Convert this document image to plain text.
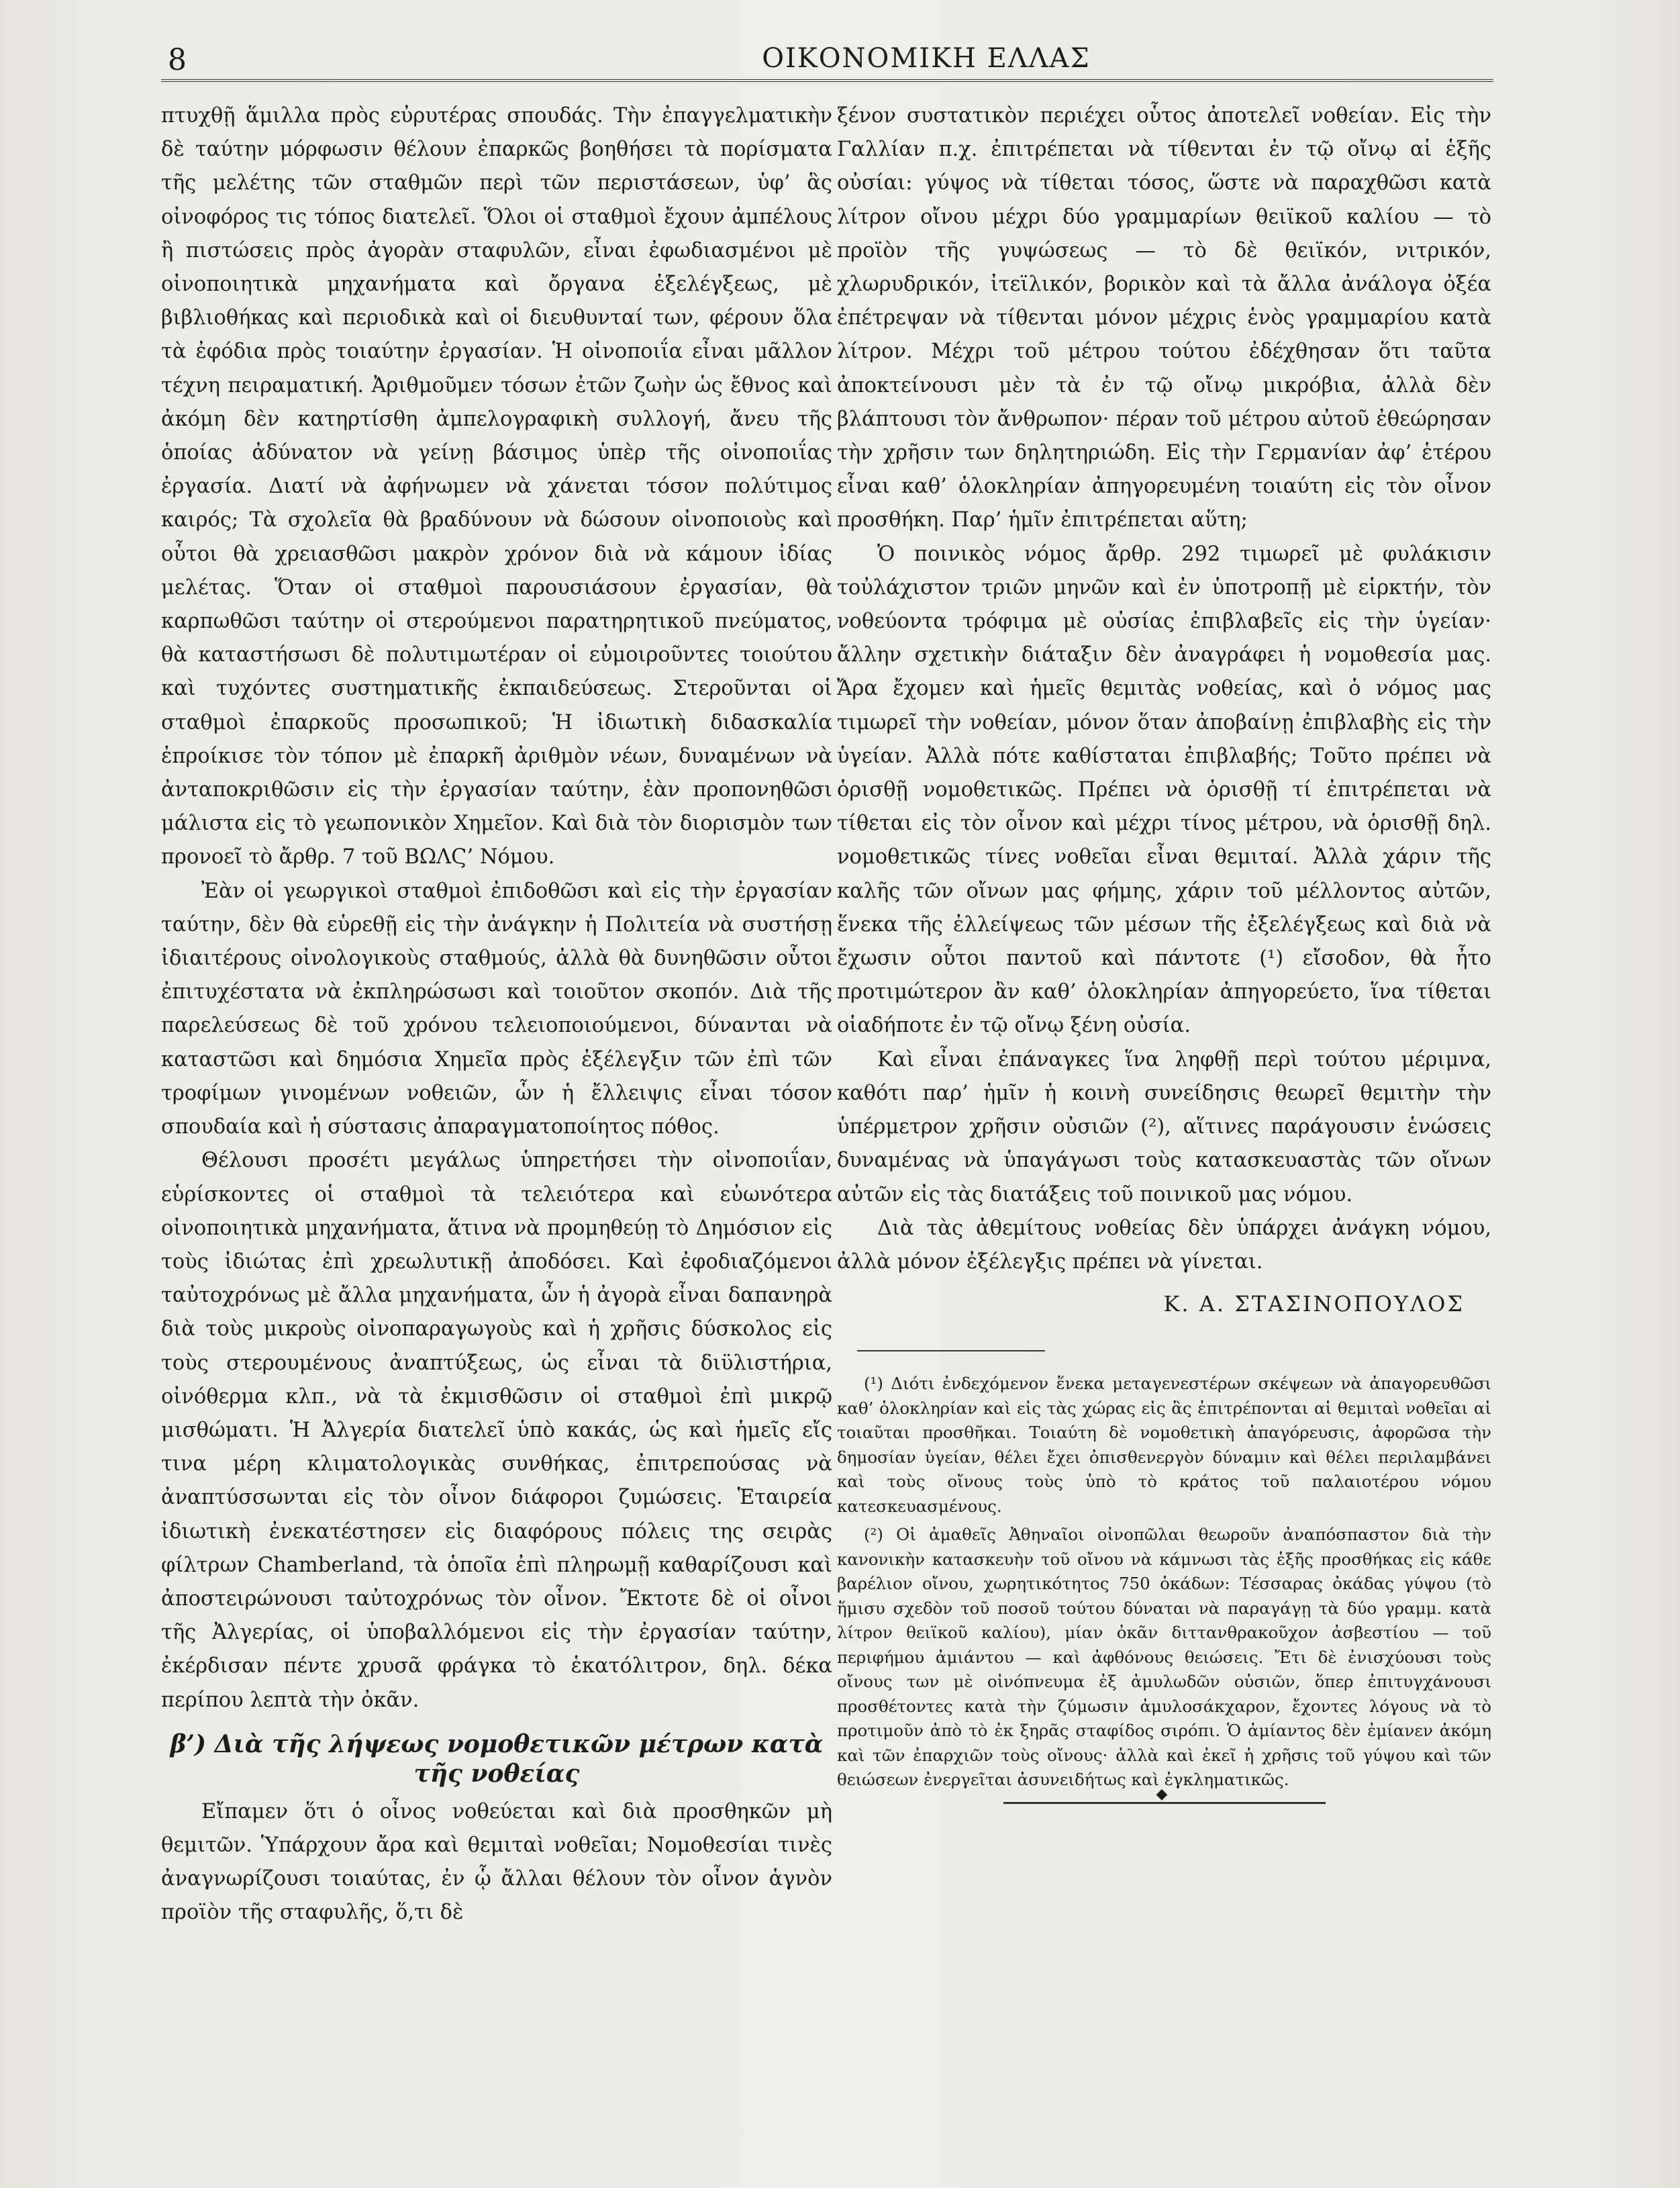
8	ΟΙΚΟΝΟΜΙΚΗ ΕΛΛΑΣ

πτυχθῇ ἅμιλλα πρὸς εὐρυτέρας σπουδάς. Τὴν ἐπαγγελματικὴν δὲ ταύτην μόρφωσιν θέλουν ἐπαρκῶς βοηθήσει τὰ πορίσματα τῆς μελέτης τῶν σταθμῶν περὶ τῶν περιστάσεων, ὑφ’ ἃς οἰνοφόρος τις τόπος διατελεῖ. Ὅλοι οἱ σταθμοὶ ἔχουν ἀμπέλους ἢ πιστώσεις πρὸς ἀγορὰν σταφυλῶν, εἶναι ἐφωδιασμένοι μὲ οἰνοποιητικὰ μηχανήματα καὶ ὄργανα ἐξελέγξεως, μὲ βιβλιοθήκας καὶ περιοδικὰ καὶ οἱ διευθυνταί των, φέρουν ὅλα τὰ ἐφόδια πρὸς τοιαύτην ἐργασίαν. Ἡ οἰνοποιΐα εἶναι μᾶλλον τέχνη πειραματική. Ἀριθμοῦμεν τόσων ἐτῶν ζωὴν ὡς ἔθνος καὶ ἀκόμη δὲν κατηρτίσθη ἀμπελογραφικὴ συλλογή, ἄνευ τῆς ὁποίας ἀδύνατον νὰ γείνῃ βάσιμος ὑπὲρ τῆς οἰνοποιΐας ἐργασία. Διατί νὰ ἀφήνωμεν νὰ χάνεται τόσον πολύτιμος καιρός; Τὰ σχολεῖα θὰ βραδύνουν νὰ δώσουν οἰνοποιοὺς καὶ οὗτοι θὰ χρειασθῶσι μακρὸν χρόνον διὰ νὰ κάμουν ἰδίας μελέτας. Ὅταν οἱ σταθμοὶ παρουσιάσουν ἐργασίαν, θὰ καρπωθῶσι ταύτην οἱ στερούμενοι παρατηρητικοῦ πνεύματος, θὰ καταστήσωσι δὲ πολυτιμωτέραν οἱ εὐμοιροῦντες τοιούτου καὶ τυχόντες συστηματικῆς ἐκπαιδεύσεως. Στεροῦνται οἱ σταθμοὶ ἐπαρκοῦς προσωπικοῦ; Ἡ ἰδιωτικὴ διδασκαλία ἐπροίκισε τὸν τόπον μὲ ἐπαρκῆ ἀριθμὸν νέων, δυναμένων νὰ ἀνταποκριθῶσιν εἰς τὴν ἐργασίαν ταύτην, ἐὰν προπονηθῶσι μάλιστα εἰς τὸ γεωπονικὸν Χημεῖον. Καὶ διὰ τὸν διορισμὸν των προνοεῖ τὸ ἄρθρ. 7 τοῦ ΒΩΛϚ’ Νόμου.

Ἐὰν οἱ γεωργικοὶ σταθμοὶ ἐπιδοθῶσι καὶ εἰς τὴν ἐργασίαν ταύτην, δὲν θὰ εὑρεθῇ εἰς τὴν ἀνάγκην ἡ Πολιτεία νὰ συστήσῃ ἰδιαιτέρους οἰνολογικοὺς σταθμούς, ἀλλὰ θὰ δυνηθῶσιν οὗτοι ἐπιτυχέστατα νὰ ἐκπληρώσωσι καὶ τοιοῦτον σκοπόν. Διὰ τῆς παρελεύσεως δὲ τοῦ χρόνου τελειοποιούμενοι, δύνανται νὰ καταστῶσι καὶ δημόσια Χημεῖα πρὸς ἐξέλεγξιν τῶν ἐπὶ τῶν τροφίμων γινομένων νοθειῶν, ὧν ἡ ἔλλειψις εἶναι τόσον σπουδαία καὶ ἡ σύστασις ἀπαραγματοποίητος πόθος.

Θέλουσι προσέτι μεγάλως ὑπηρετήσει τὴν οἰνοποιΐαν, εὑρίσκοντες οἱ σταθμοὶ τὰ τελειότερα καὶ εὐωνότερα οἰνοποιητικὰ μηχανήματα, ἅτινα νὰ προμηθεύῃ τὸ Δημόσιον εἰς τοὺς ἰδιώτας ἐπὶ χρεωλυτικῇ ἀποδόσει. Καὶ ἐφοδιαζόμενοι ταὐτοχρόνως μὲ ἄλλα μηχανήματα, ὧν ἡ ἀγορὰ εἶναι δαπανηρὰ διὰ τοὺς μικροὺς οἰνοπαραγωγοὺς καὶ ἡ χρῆσις δύσκολος εἰς τοὺς στερουμένους ἀναπτύξεως, ὡς εἶναι τὰ διϋλιστήρια, οἰνόθερμα κλπ., νὰ τὰ ἐκμισθῶσιν οἱ σταθμοὶ ἐπὶ μικρῷ μισθώματι. Ἡ Ἀλγερία διατελεῖ ὑπὸ κακάς, ὡς καὶ ἡμεῖς εἴς τινα μέρη κλιματολογικὰς συνθήκας, ἐπιτρεπούσας νὰ ἀναπτύσσωνται εἰς τὸν οἶνον διάφοροι ζυμώσεις. Ἑταιρεία ἰδιωτικὴ ἐνεκατέστησεν εἰς διαφόρους πόλεις της σειρὰς φίλτρων Chamberland, τὰ ὁποῖα ἐπὶ πληρωμῇ καθαρίζουσι καὶ ἀποστειρώνουσι ταὐτοχρόνως τὸν οἶνον. Ἔκτοτε δὲ οἱ οἶνοι τῆς Ἀλγερίας, οἱ ὑποβαλλόμενοι εἰς τὴν ἐργασίαν ταύτην, ἐκέρδισαν πέντε χρυσᾶ φράγκα τὸ ἑκατόλιτρον, δηλ. δέκα περίπου λεπτὰ τὴν ὀκᾶν.

β’) Διὰ τῆς λήψεως νομοθετικῶν μέτρων κατὰ τῆς νοθείας

Εἴπαμεν ὅτι ὁ οἶνος νοθεύεται καὶ διὰ προσθηκῶν μὴ θεμιτῶν. Ὑπάρχουν ἄρα καὶ θεμιταὶ νοθεῖαι; Νομοθεσίαι τινὲς ἀναγνωρίζουσι τοιαύτας, ἐν ᾧ ἄλλαι θέλουν τὸν οἶνον ἁγνὸν προϊὸν τῆς σταφυλῆς, ὅ,τι δὲ

ξένον συστατικὸν περιέχει οὗτος ἀποτελεῖ νοθείαν. Εἰς τὴν Γαλλίαν π.χ. ἐπιτρέπεται νὰ τίθενται ἐν τῷ οἴνῳ αἱ ἑξῆς οὐσίαι: γύψος νὰ τίθεται τόσος, ὥστε νὰ παραχθῶσι κατὰ λίτρον οἴνου μέχρι δύο γραμμαρίων θειϊκοῦ καλίου — τὸ προϊὸν τῆς γυψώσεως — τὸ δὲ θειϊκόν, νιτρικόν, χλωρυδρικόν, ἰτεϊλικόν, βορικὸν καὶ τὰ ἄλλα ἀνάλογα ὀξέα ἐπέτρεψαν νὰ τίθενται μόνον μέχρις ἑνὸς γραμμαρίου κατὰ λίτρον. Μέχρι τοῦ μέτρου τούτου ἐδέχθησαν ὅτι ταῦτα ἀποκτείνουσι μὲν τὰ ἐν τῷ οἴνῳ μικρόβια, ἀλλὰ δὲν βλάπτουσι τὸν ἄνθρωπον· πέραν τοῦ μέτρου αὐτοῦ ἐθεώρησαν τὴν χρῆσιν των δηλητηριώδη. Εἰς τὴν Γερμανίαν ἀφ’ ἑτέρου εἶναι καθ’ ὁλοκληρίαν ἀπηγορευμένη τοιαύτη εἰς τὸν οἶνον προσθήκη. Παρ’ ἡμῖν ἐπιτρέπεται αὕτη;

Ὁ ποινικὸς νόμος ἄρθρ. 292 τιμωρεῖ μὲ φυλάκισιν τοὐλάχιστον τριῶν μηνῶν καὶ ἐν ὑποτροπῇ μὲ εἱρκτήν, τὸν νοθεύοντα τρόφιμα μὲ οὐσίας ἐπιβλαβεῖς εἰς τὴν ὑγείαν· ἄλλην σχετικὴν διάταξιν δὲν ἀναγράφει ἡ νομοθεσία μας. Ἄρα ἔχομεν καὶ ἡμεῖς θεμιτὰς νοθείας, καὶ ὁ νόμος μας τιμωρεῖ τὴν νοθείαν, μόνον ὅταν ἀποβαίνῃ ἐπιβλαβὴς εἰς τὴν ὑγείαν. Ἀλλὰ πότε καθίσταται ἐπιβλαβής; Τοῦτο πρέπει νὰ ὁρισθῇ νομοθετικῶς. Πρέπει νὰ ὁρισθῇ τί ἐπιτρέπεται νὰ τίθεται εἰς τὸν οἶνον καὶ μέχρι τίνος μέτρου, νὰ ὁρισθῇ δηλ. νομοθετικῶς τίνες νοθεῖαι εἶναι θεμιταί. Ἀλλὰ χάριν τῆς καλῆς τῶν οἴνων μας φήμης, χάριν τοῦ μέλλοντος αὐτῶν, ἕνεκα τῆς ἐλλείψεως τῶν μέσων τῆς ἐξελέγξεως καὶ διὰ νὰ ἔχωσιν οὗτοι παντοῦ καὶ πάντοτε (¹) εἴσοδον, θὰ ἦτο προτιμώτερον ἂν καθ’ ὁλοκληρίαν ἀπηγορεύετο, ἵνα τίθεται οἱαδήποτε ἐν τῷ οἴνῳ ξένη οὐσία.

Καὶ εἶναι ἐπάναγκες ἵνα ληφθῇ περὶ τούτου μέριμνα, καθότι παρ’ ἡμῖν ἡ κοινὴ συνείδησις θεωρεῖ θεμιτὴν τὴν ὑπέρμετρον χρῆσιν οὐσιῶν (²), αἵτινες παράγουσιν ἑνώσεις δυναμένας νὰ ὑπαγάγωσι τοὺς κατασκευαστὰς τῶν οἴνων αὐτῶν εἰς τὰς διατάξεις τοῦ ποινικοῦ μας νόμου.

Διὰ τὰς ἀθεμίτους νοθείας δὲν ὑπάρχει ἀνάγκη νόμου, ἀλλὰ μόνον ἐξέλεγξις πρέπει νὰ γίνεται.

Κ. Α. ΣΤΑΣΙΝΟΠΟΥΛΟΣ

(¹) Διότι ἐνδεχόμενον ἕνεκα μεταγενεστέρων σκέψεων νὰ ἀπαγορευθῶσι καθ’ ὁλοκληρίαν καὶ εἰς τὰς χώρας εἰς ἃς ἐπιτρέπονται αἱ θεμιταὶ νοθεῖαι αἱ τοιαῦται προσθῆκαι. Τοιαύτη δὲ νομοθετικὴ ἀπαγόρευσις, ἀφορῶσα τὴν δημοσίαν ὑγείαν, θέλει ἔχει ὀπισθενεργὸν δύναμιν καὶ θέλει περιλαμβάνει καὶ τοὺς οἴνους τοὺς ὑπὸ τὸ κράτος τοῦ παλαιοτέρου νόμου κατεσκευασμένους.

(²) Οἱ ἀμαθεῖς Ἀθηναῖοι οἰνοπῶλαι θεωροῦν ἀναπόσπαστον διὰ τὴν κανονικὴν κατασκευὴν τοῦ οἴνου νὰ κάμνωσι τὰς ἑξῆς προσθήκας εἰς κάθε βαρέλιον οἴνου, χωρητικότητος 750 ὀκάδων: Τέσσαρας ὀκάδας γύψου (τὸ ἥμισυ σχεδὸν τοῦ ποσοῦ τούτου δύναται νὰ παραγάγῃ τὰ δύο γραμμ. κατὰ λίτρον θειϊκοῦ καλίου), μίαν ὀκᾶν διττανθρακοῦχον ἀσβεστίου — τοῦ περιφήμου ἀμιάντου — καὶ ἀφθόνους θειώσεις. Ἔτι δὲ ἐνισχύουσι τοὺς οἴνους των μὲ οἰνόπνευμα ἐξ ἀμυλωδῶν οὐσιῶν, ὅπερ ἐπιτυγχάνουσι προσθέτοντες κατὰ τὴν ζύμωσιν ἀμυλοσάκχαρον, ἔχοντες λόγους νὰ τὸ προτιμοῦν ἀπὸ τὸ ἐκ ξηρᾶς σταφίδος σιρόπι. Ὁ ἀμίαντος δὲν ἐμίανεν ἀκόμη καὶ τῶν ἐπαρχιῶν τοὺς οἴνους· ἀλλὰ καὶ ἐκεῖ ἡ χρῆσις τοῦ γύψου καὶ τῶν θειώσεων ἐνεργεῖται ἀσυνειδήτως καὶ ἐγκληματικῶς.

◆
